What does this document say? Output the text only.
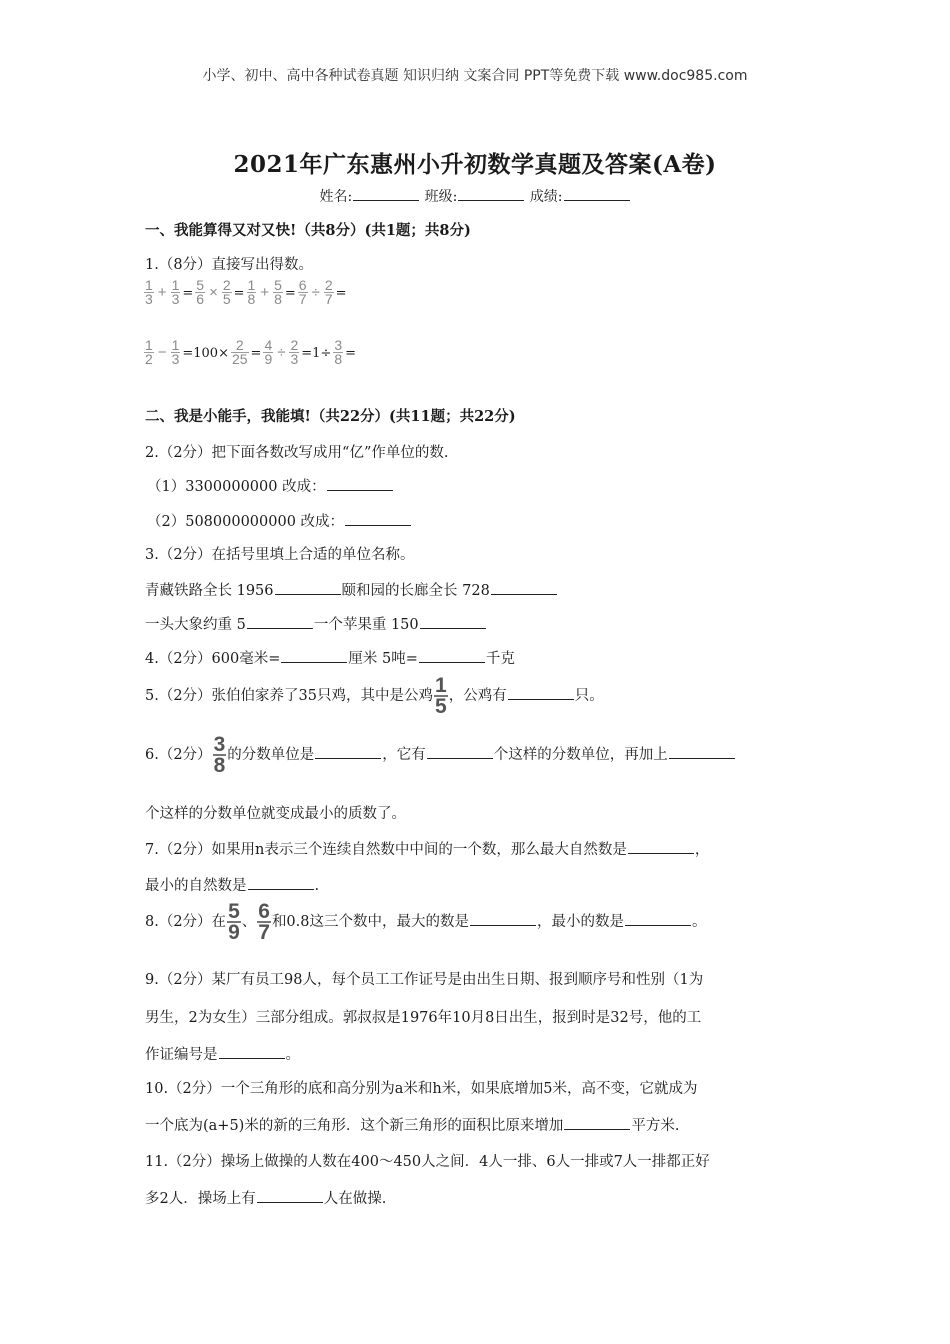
小学、初中、高中各种试卷真题 知识归纳 文案合同 PPT等免费下载 www.doc985.com
2021年广东惠州小升初数学真题及答案(A卷)
姓名:	班级:	成绩:
一、我能算得又对又快!（共8分）(共1题；共8分)
1.（8分）直接写出得数。
$\frac{1}{3} + \frac{1}{3} = \frac{5}{6} \times \frac{2}{5} = \frac{1}{8} + \frac{5}{8} = \frac{6}{7} \div \frac{2}{7}$ =
$\frac{1}{2} - \frac{1}{3} =100\times \frac{2}{25} = \frac{4}{9} \div \frac{2}{3} =1\div \frac{3}{8}$ =
二、我是小能手，我能填!（共22分）(共11题；共22分)
2.（2分）把下面各数改写成用“亿”作单位的数.
（1）3300000000 改成：
（2）508000000000 改成：
3.（2分）在括号里填上合适的单位名称。
青藏铁路全长 1956	颐和园的长廊全长 728
一头大象约重 5	一个苹果重 150
4.（2分）600毫米=	厘米 5吨=	千克
5.（2分）张伯伯家养了35只鸡，其中是公鸡 $\frac{1}{5}$ ，公鸡有	只。
6.（2分） $\frac{3}{8}$ 的分数单位是	，它有	个这样的分数单位，再加上
个这样的分数单位就变成最小的质数了。
7.（2分）如果用n表示三个连续自然数中中间的一个数，那么最大自然数是	，
最小的自然数是	.
8.（2分）在 $\frac{5}{9}$ 、 $\frac{6}{7}$ 和0.8这三个数中，最大的数是	，最小的数是	。
9.（2分）某厂有员工98人，每个员工工作证号是由出生日期、报到顺序号和性别（1为
男生，2为女生）三部分组成。郭叔叔是1976年10月8日出生，报到时是32号，他的工
作证编号是	。
10.（2分）一个三角形的底和高分别为a米和h米，如果底增加5米，高不变，它就成为
一个底为(a+5)米的新的三角形．这个新三角形的面积比原来增加	平方米.
11.（2分）操场上做操的人数在400～450人之间．4人一排、6人一排或7人一排都正好
多2人．操场上有	人在做操.
